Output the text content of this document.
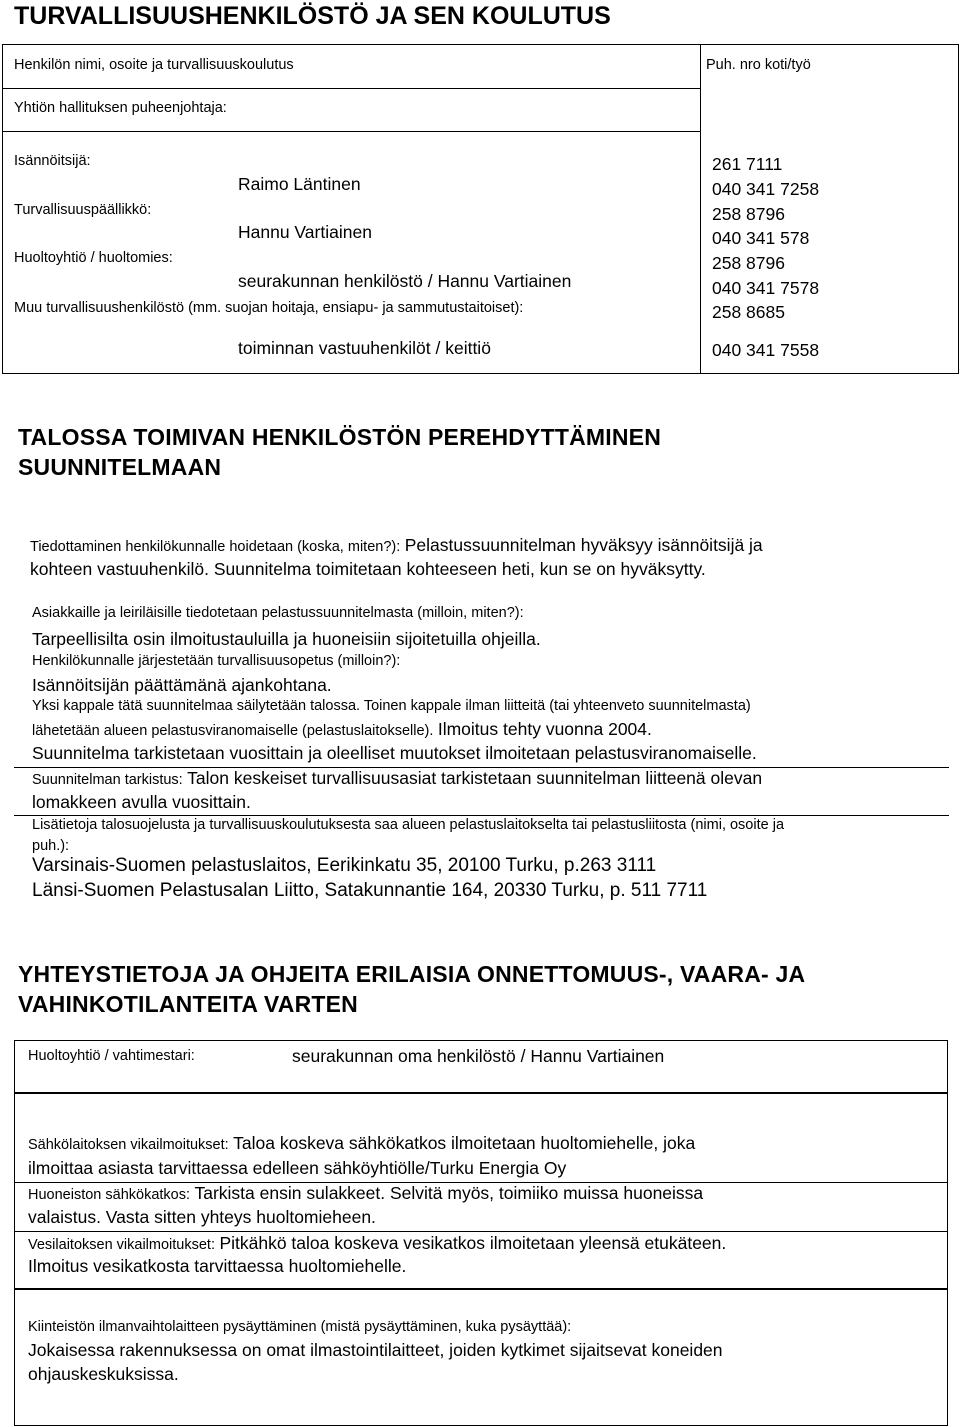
TURVALLISUUSHENKILÖSTÖ JA SEN KOULUTUS
Henkilön nimi, osoite ja turvallisuuskoulutus	Puh. nro koti/työ
Yhtiön hallituksen puheenjohtaja:
Isännöitsijä:
Raimo Läntinen
261 7111
040 341 7258
Turvallisuuspäällikkö:
Hannu Vartiainen
258 8796
040 341 578
Huoltoyhtiö / huoltomies:
seurakunnan henkilöstö / Hannu Vartiainen
258 8796
040 341 7578
Muu turvallisuushenkilöstö (mm. suojan hoitaja, ensiapu- ja sammutustaitoiset):
toiminnan vastuuhenkilöt / keittiö
258 8685
040 341 7558
TALOSSA TOIMIVAN HENKILÖSTÖN PEREHDYTTÄMINEN
SUUNNITELMAAN
Tiedottaminen henkilökunnalle hoidetaan (koska, miten?): Pelastussuunnitelman hyväksyy isännöitsijä ja
kohteen vastuuhenkilö. Suunnitelma toimitetaan kohteeseen heti, kun se on hyväksytty.
Asiakkaille ja leiriläisille tiedotetaan pelastussuunnitelmasta (milloin, miten?):
Tarpeellisilta osin ilmoitustauluilla ja huoneisiin sijoitetuilla ohjeilla.
Henkilökunnalle järjestetään turvallisuusopetus (milloin?):
Isännöitsijän päättämänä ajankohtana.
Yksi kappale tätä suunnitelmaa säilytetään talossa. Toinen kappale ilman liitteitä (tai yhteenveto suunnitelmasta)
lähetetään alueen pelastusviranomaiselle (pelastuslaitokselle). Ilmoitus tehty vuonna 2004.
Suunnitelma tarkistetaan vuosittain ja oleelliset muutokset ilmoitetaan pelastusviranomaiselle.
Suunnitelman tarkistus: Talon keskeiset turvallisuusasiat tarkistetaan suunnitelman liitteenä olevan
lomakkeen avulla vuosittain.
Lisätietoja talosuojelusta ja turvallisuuskoulutuksesta saa alueen pelastuslaitokselta tai pelastusliitosta (nimi, osoite ja
puh.):
Varsinais-Suomen pelastuslaitos, Eerikinkatu 35, 20100 Turku, p.263 3111
Länsi-Suomen Pelastusalan Liitto, Satakunnantie 164, 20330 Turku, p. 511 7711
YHTEYSTIETOJA JA OHJEITA ERILAISIA ONNETTOMUUS-, VAARA- JA
VAHINKOTILANTEITA VARTEN
Huoltoyhtiö / vahtimestari:	seurakunnan oma henkilöstö / Hannu Vartiainen
Sähkölaitoksen vikailmoitukset: Taloa koskeva sähkökatkos ilmoitetaan huoltomiehelle, joka
ilmoittaa asiasta tarvittaessa edelleen sähköyhtiölle/Turku Energia Oy
Huoneiston sähkökatkos: Tarkista ensin sulakkeet. Selvitä myös, toimiiko muissa huoneissa
valaistus. Vasta sitten yhteys huoltomieheen.
Vesilaitoksen vikailmoitukset: Pitkähkö taloa koskeva vesikatkos ilmoitetaan yleensä etukäteen.
Ilmoitus vesikatkosta tarvittaessa huoltomiehelle.
Kiinteistön ilmanvaihtolaitteen pysäyttäminen (mistä pysäyttäminen, kuka pysäyttää):
Jokaisessa rakennuksessa on omat ilmastointilaitteet, joiden kytkimet sijaitsevat koneiden
ohjauskeskuksissa.
